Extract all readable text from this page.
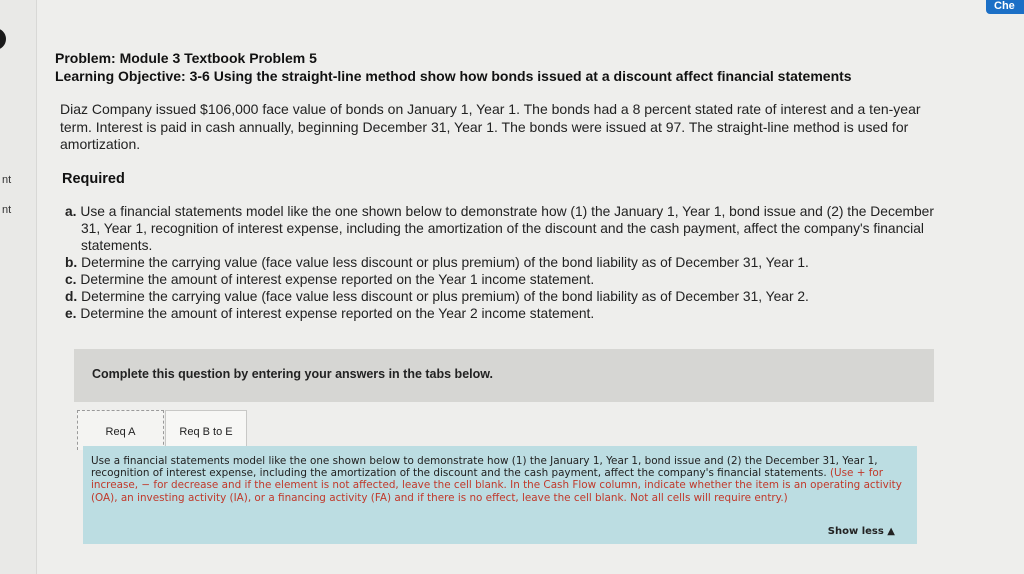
nt
nt
Che
Problem: Module 3 Textbook Problem 5
Learning Objective: 3-6 Using the straight-line method show how bonds issued at a discount affect financial statements
Diaz Company issued $106,000 face value of bonds on January 1, Year 1. The bonds had a 8 percent stated rate of interest and a ten-year term. Interest is paid in cash annually, beginning December 31, Year 1. The bonds were issued at 97. The straight-line method is used for amortization.
Required
a. Use a financial statements model like the one shown below to demonstrate how (1) the January 1, Year 1, bond issue and (2) the December 31, Year 1, recognition of interest expense, including the amortization of the discount and the cash payment, affect the company's financial statements.
b. Determine the carrying value (face value less discount or plus premium) of the bond liability as of December 31, Year 1.
c. Determine the amount of interest expense reported on the Year 1 income statement.
d. Determine the carrying value (face value less discount or plus premium) of the bond liability as of December 31, Year 2.
e. Determine the amount of interest expense reported on the Year 2 income statement.
Complete this question by entering your answers in the tabs below.
Req A	Req B to E
Use a financial statements model like the one shown below to demonstrate how (1) the January 1, Year 1, bond issue and (2) the December 31, Year 1, recognition of interest expense, including the amortization of the discount and the cash payment, affect the company's financial statements. (Use + for increase, − for decrease and if the element is not affected, leave the cell blank. In the Cash Flow column, indicate whether the item is an operating activity (OA), an investing activity (IA), or a financing activity (FA) and if there is no effect, leave the cell blank. Not all cells will require entry.)
Show less ▲
